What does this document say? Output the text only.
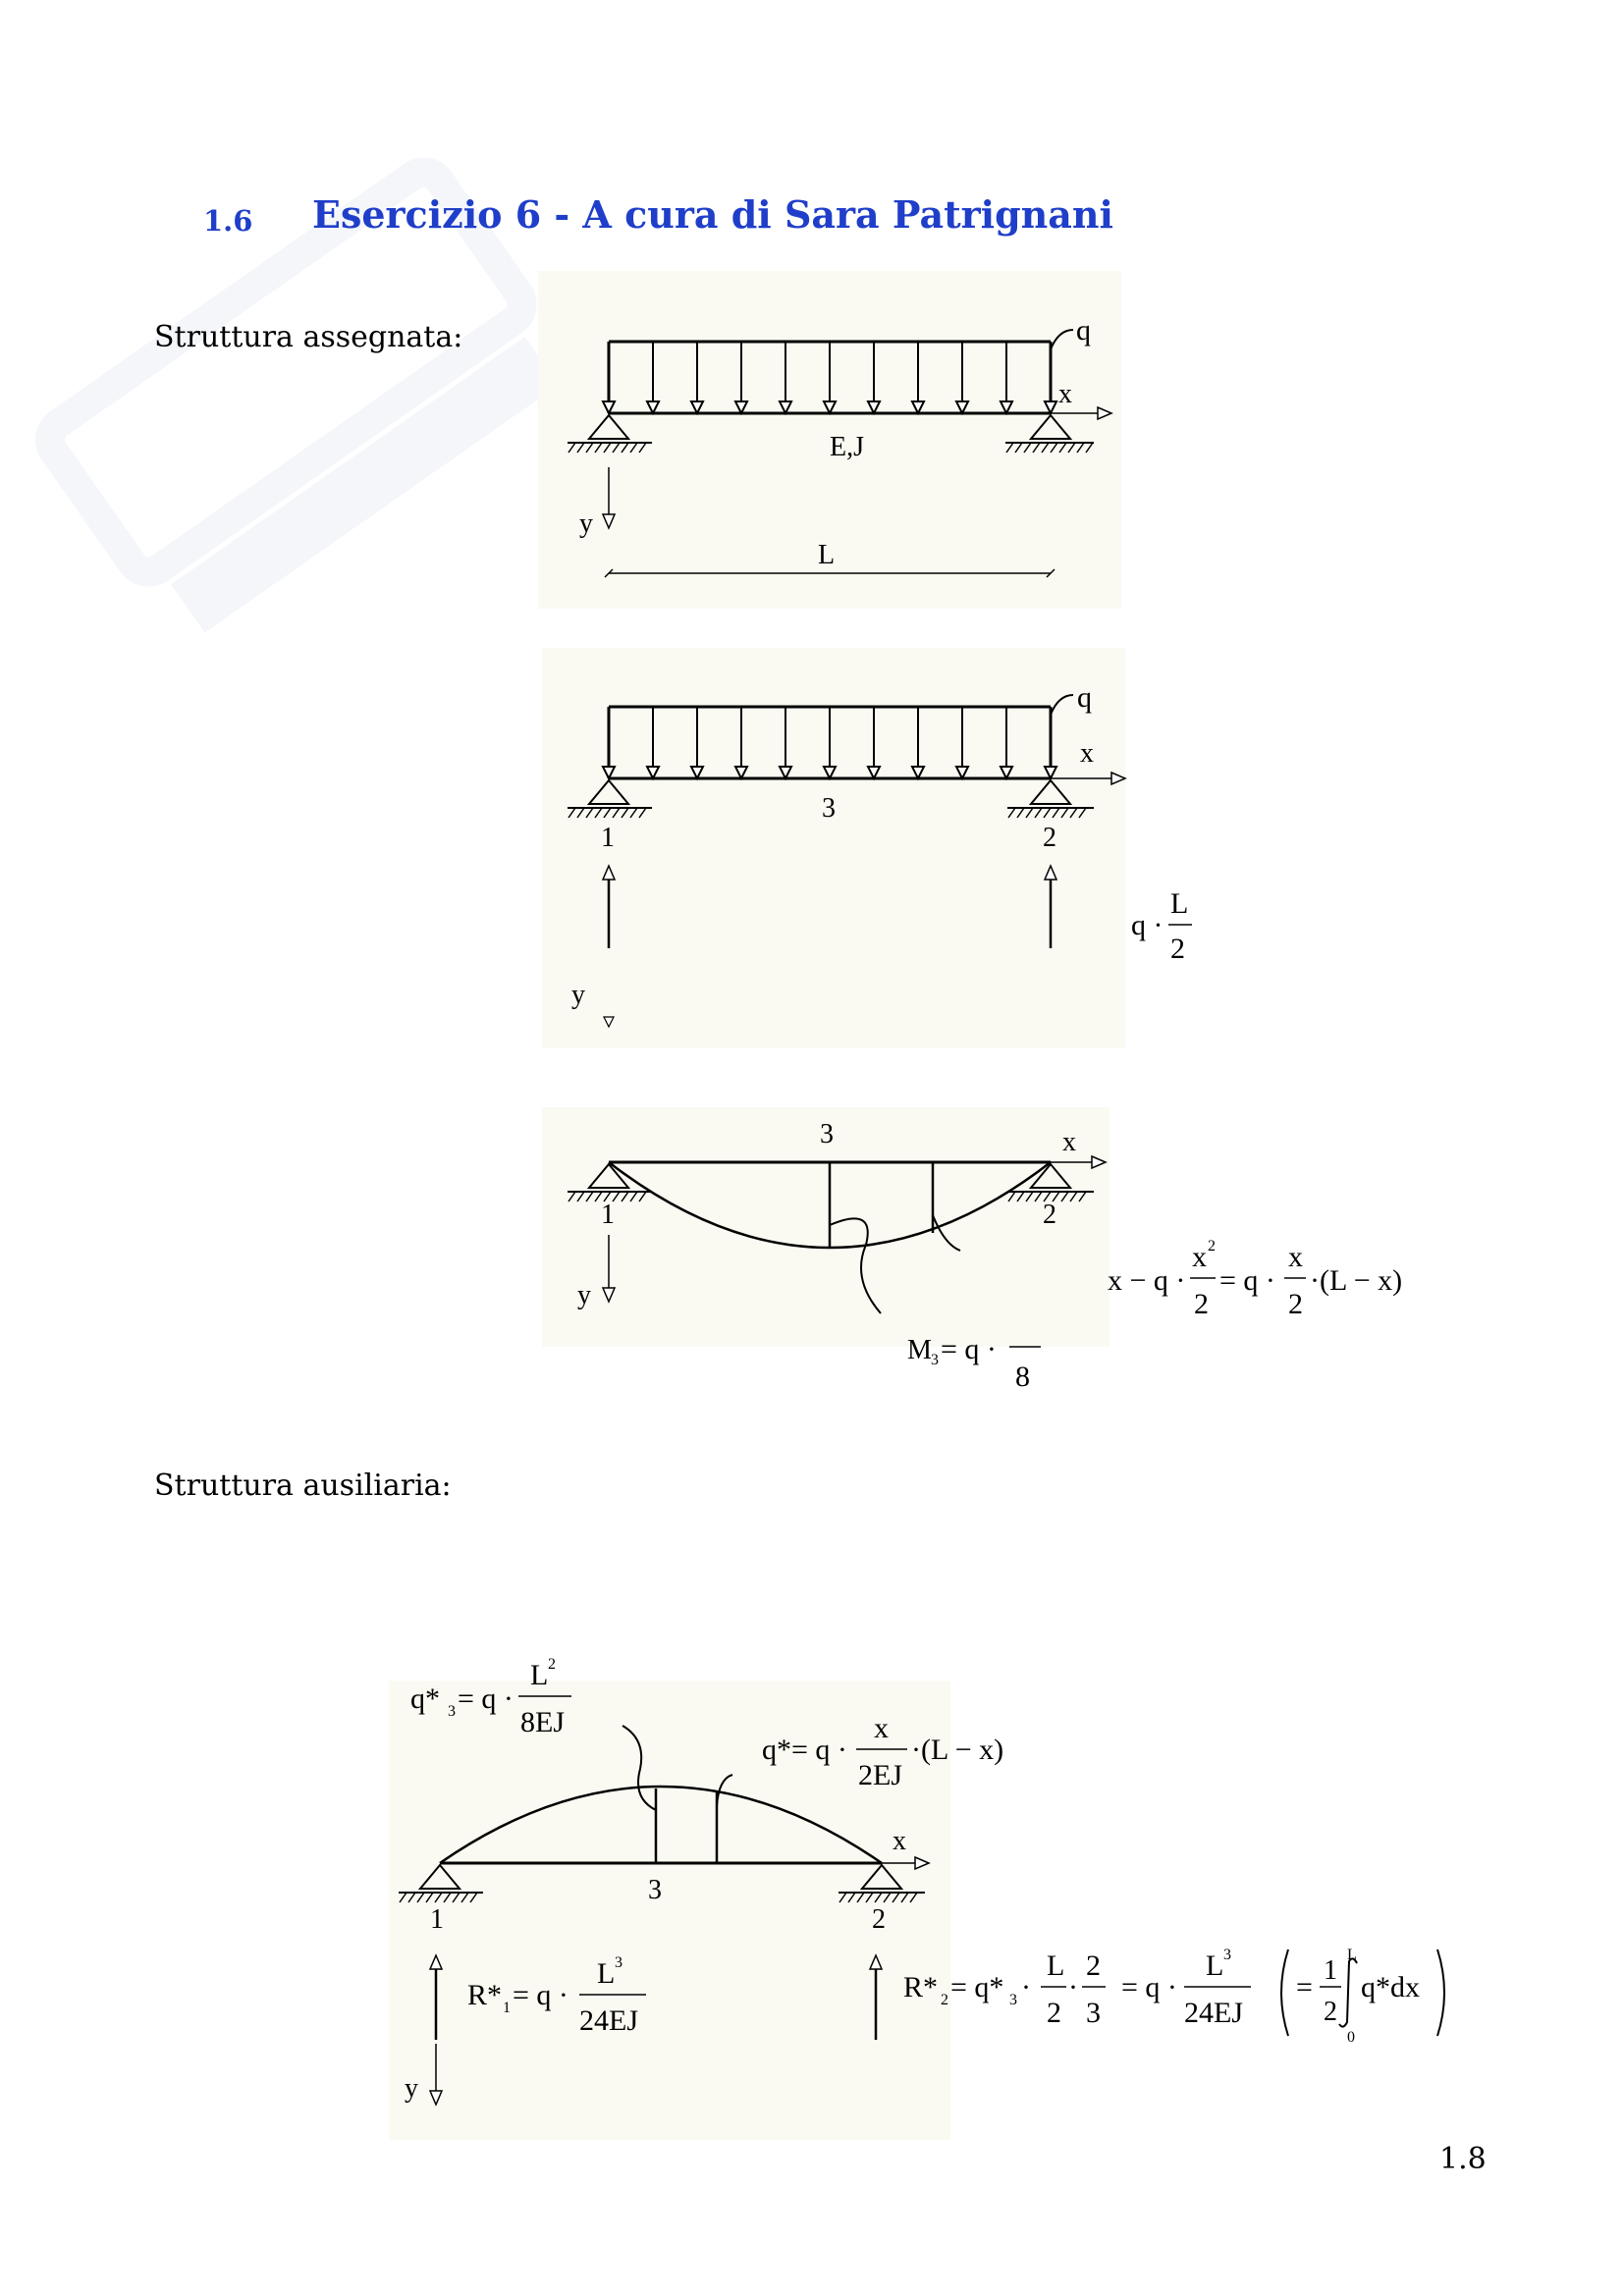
1.6 Esercizio 6 - A cura di Sara Patrignani
Struttura assegnata:
Struttura ausiliaria:
q
x
E,J
y
L
q
x
3
1	2
y
q ·
L
2
x
3
1	2
y	x − q ·
x 2
2
= q ·
x
2
·(L − x)
M 3 = q ·
8
x
3
1	2
y
q* 3 = q ·
L 2
8EJ
q*= q ·
x
2EJ
·(L − x)
R* 1 = q ·
L 3
24EJ
R* 2 = q* 3 ·
L
2
·
2
3
= q ·
L 3
24EJ
=
1
2
L
0
q*dx
1.8
